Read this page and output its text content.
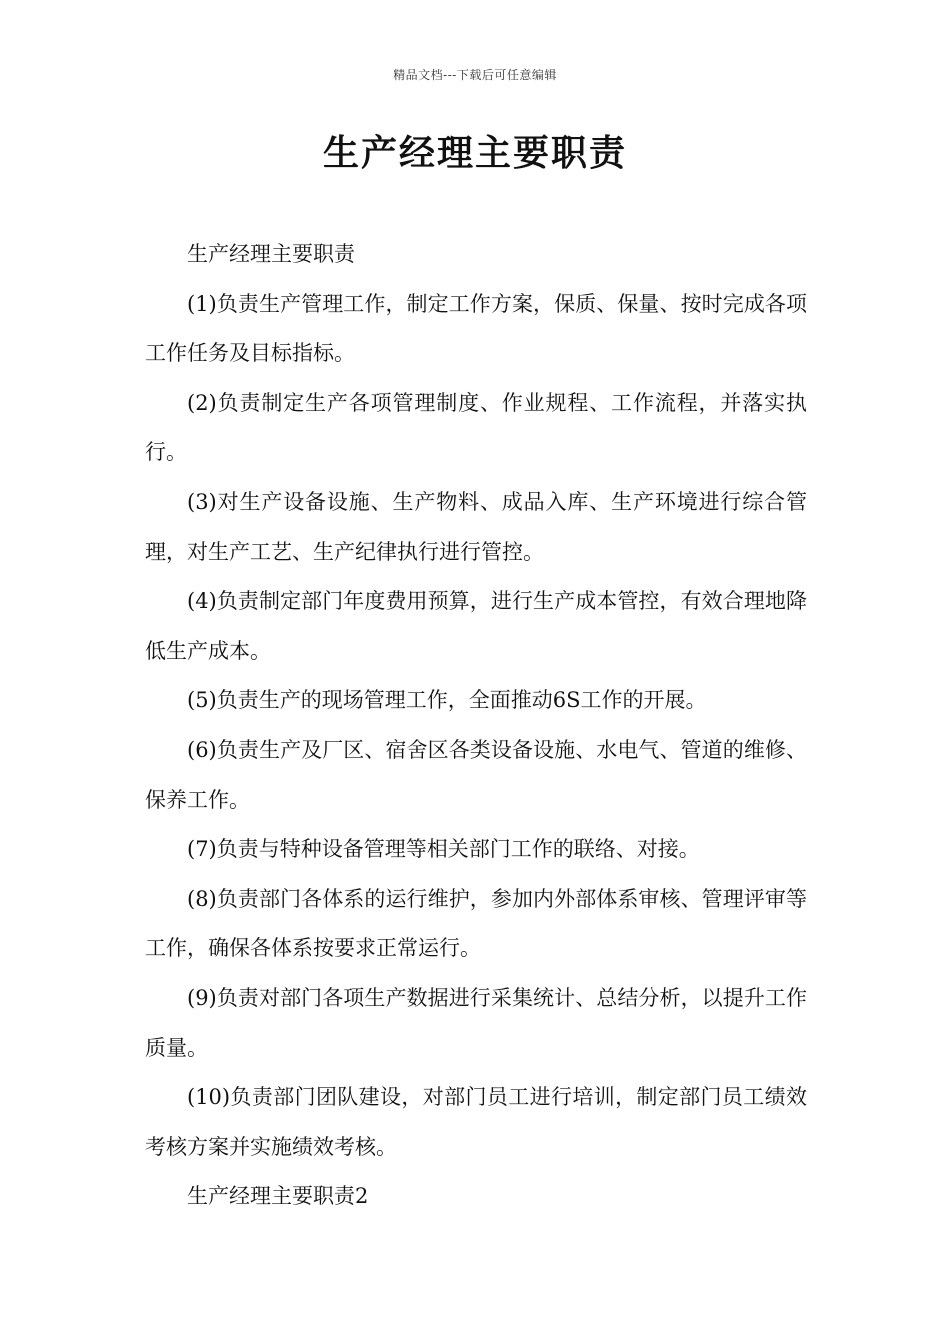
精品文档---下载后可任意编辑
生产经理主要职责

生产经理主要职责

(1)负责生产管理工作，制定工作方案，保质、保量、按时完成各项工作任务及目标指标。

(2)负责制定生产各项管理制度、作业规程、工作流程，并落实执行。

(3)对生产设备设施、生产物料、成品入库、生产环境进行综合管理，对生产工艺、生产纪律执行进行管控。

(4)负责制定部门年度费用预算，进行生产成本管控，有效合理地降低生产成本。

(5)负责生产的现场管理工作，全面推动6S工作的开展。

(6)负责生产及厂区、宿舍区各类设备设施、水电气、管道的维修、保养工作。

(7)负责与特种设备管理等相关部门工作的联络、对接。

(8)负责部门各体系的运行维护，参加内外部体系审核、管理评审等工作，确保各体系按要求正常运行。

(9)负责对部门各项生产数据进行采集统计、总结分析，以提升工作质量。

(10)负责部门团队建设，对部门员工进行培训，制定部门员工绩效考核方案并实施绩效考核。

生产经理主要职责2
